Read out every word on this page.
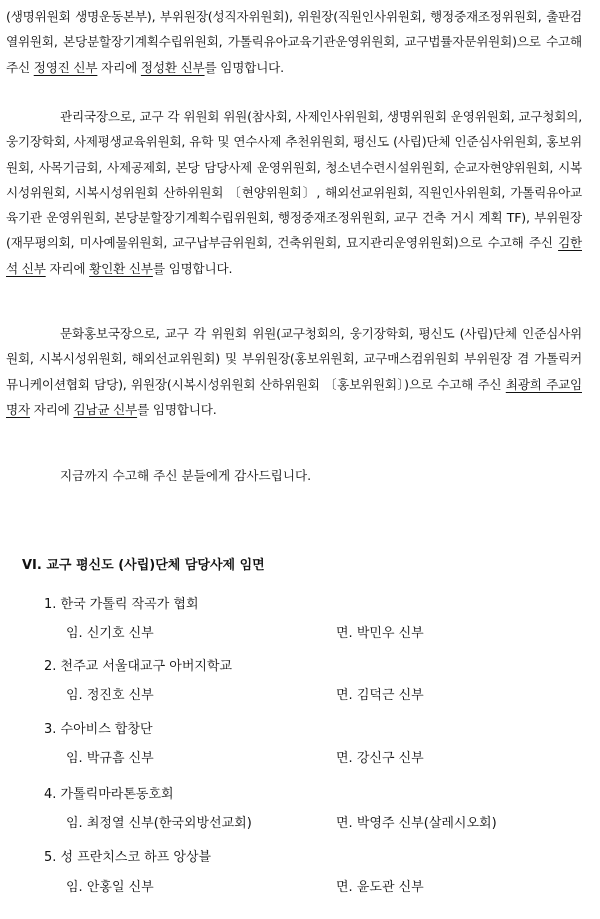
(생명위원회 생명운동본부), 부위원장(성직자위원회), 위원장(직원인사위원회, 행정중재조정위원회, 출판검열위원회, 본당분할장기계획수립위원회, 가톨릭유아교육기관운영위원회, 교구법률자문위원회)으로 수고해 주신 정영진 신부 자리에 정성환 신부를 임명합니다.

관리국장으로, 교구 각 위원회 위원(참사회, 사제인사위원회, 생명위원회 운영위원회, 교구청회의, 웅기장학회, 사제평생교육위원회, 유학 및 연수사제 추천위원회, 평신도 (사립)단체 인준심사위원회, 홍보위원회, 사목기금회, 사제공제회, 본당 담당사제 운영위원회, 청소년수련시설위원회, 순교자현양위원회, 시복시성위원회, 시복시성위원회 산하위원회 〔현양위원회〕, 해외선교위원회, 직원인사위원회, 가톨릭유아교육기관 운영위원회, 본당분할장기계획수립위원회, 행정중재조정위원회, 교구 건축 거시 계획 TF), 부위원장(재무평의회, 미사예물위원회, 교구납부금위원회, 건축위원회, 묘지관리운영위원회)으로 수고해 주신 김한석 신부 자리에 황인환 신부를 임명합니다.

문화홍보국장으로, 교구 각 위원회 위원(교구청회의, 웅기장학회, 평신도 (사립)단체 인준심사위원회, 시복시성위원회, 해외선교위원회) 및 부위원장(홍보위원회, 교구매스컴위원회 부위원장 겸 가톨릭커뮤니케이션협회 담당), 위원장(시복시성위원회 산하위원회 〔홍보위원회〕)으로 수고해 주신 최광희 주교임명자 자리에 김남균 신부를 임명합니다.

지금까지 수고해 주신 분들에게 감사드립니다.
VI. 교구 평신도 (사립)단체 담당사제 임면
1. 한국 가톨릭 작곡가 협회
임. 신기호 신부	면. 박민우 신부
2. 천주교 서울대교구 아버지학교
임. 정진호 신부	면. 김덕근 신부
3. 수아비스 합창단
임. 박규흠 신부	면. 강신구 신부
4. 가톨릭마라톤동호회
임. 최정열 신부(한국외방선교회)	면. 박영주 신부(살레시오회)
5. 성 프란치스코 하프 앙상블
임. 안홍일 신부	면. 윤도관 신부
